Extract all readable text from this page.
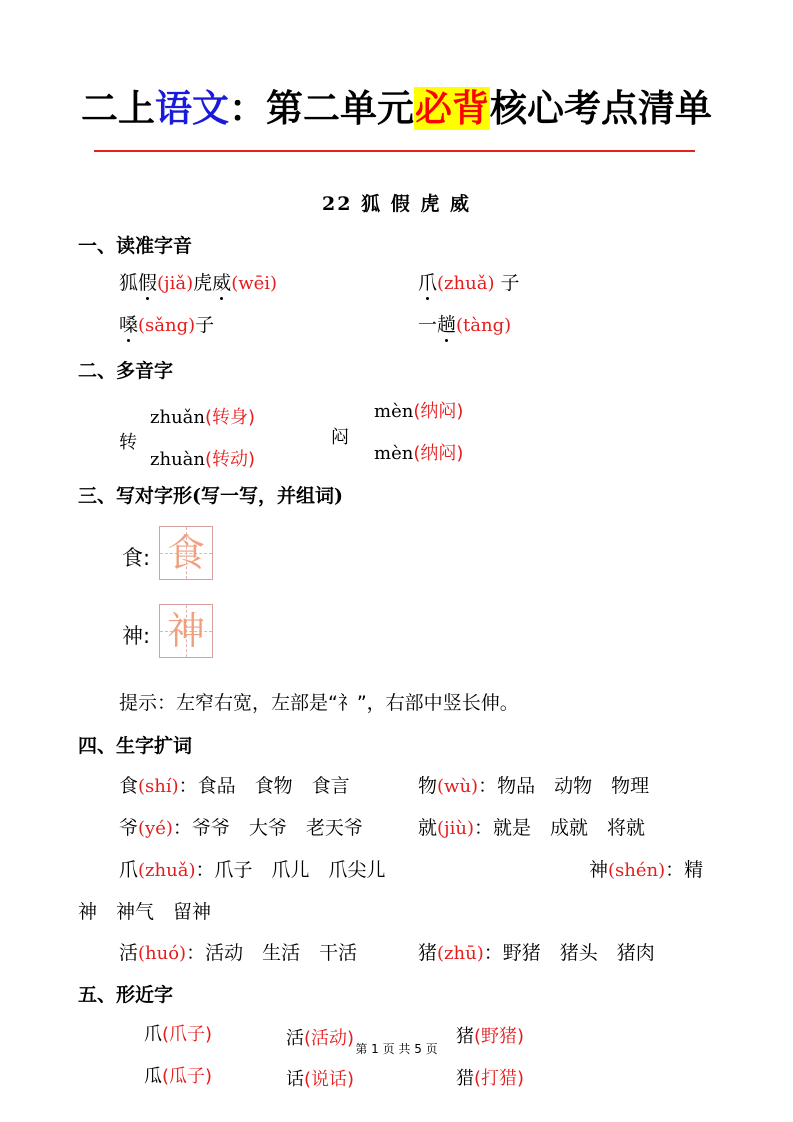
二上语文：第二单元必背核心考点清单
22 狐 假 虎 威
一、读准字音
狐假(jiǎ)虎威(wēi)	爪(zhuǎ) 子
嗓(sǎng)子	一趟(tàng)
二、多音字
转
zhuǎn(转身)
zhuàn(转动)
闷
mèn(纳闷)
mèn(纳闷)
三、写对字形(写一写，并组词)
食: 食
神: 神
提示：左窄右宽，左部是“礻”，右部中竖长伸。
四、生字扩词
食(shí)：食品　食物　食言	物(wù)：物品　动物　物理
爷(yé)：爷爷　大爷　老天爷	就(jiù)：就是　成就　将就
爪(zhuǎ)：爪子　爪儿　爪尖儿	神(shén)：精
神　神气　留神
活(huó)：活动　生活　干活	猪(zhū)：野猪　猪头　猪肉
五、形近字
爪(爪子)	活(活动)	猪(野猪)
瓜(瓜子)	话(说话)	猎(打猎)
第 1 页 共 5 页
